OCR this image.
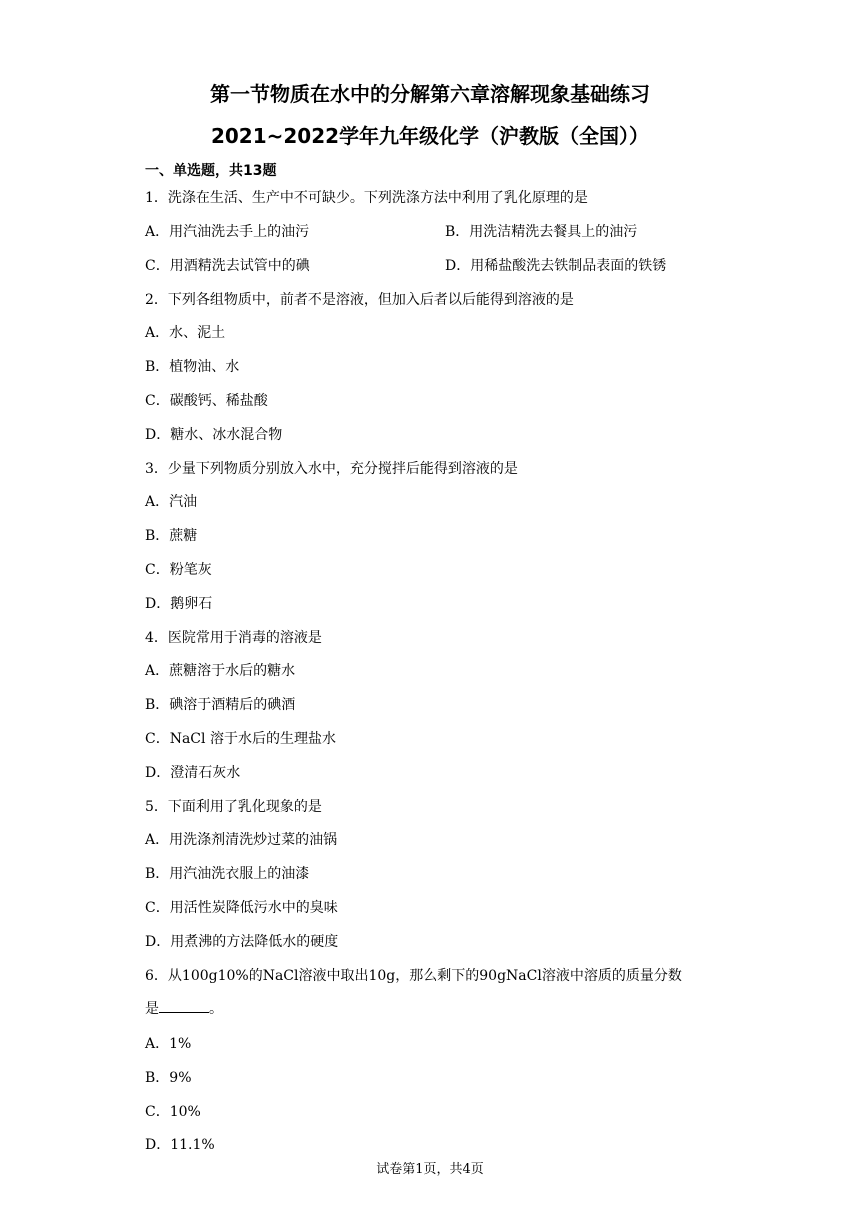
第一节物质在水中的分解第六章溶解现象基础练习
2021~2022学年九年级化学（沪教版（全国））
一、单选题，共13题
1．洗涤在生活、生产中不可缺少。下列洗涤方法中利用了乳化原理的是
A．用汽油洗去手上的油污	B．用洗洁精洗去餐具上的油污
C．用酒精洗去试管中的碘	D．用稀盐酸洗去铁制品表面的铁锈
2．下列各组物质中，前者不是溶液，但加入后者以后能得到溶液的是
A．水、泥土
B．植物油、水
C．碳酸钙、稀盐酸
D．糖水、冰水混合物
3．少量下列物质分别放入水中，充分搅拌后能得到溶液的是
A．汽油
B．蔗糖
C．粉笔灰
D．鹅卵石
4．医院常用于消毒的溶液是
A．蔗糖溶于水后的糖水
B．碘溶于酒精后的碘酒
C．NaCl 溶于水后的生理盐水
D．澄清石灰水
5．下面利用了乳化现象的是
A．用洗涤剂清洗炒过菜的油锅
B．用汽油洗衣服上的油漆
C．用活性炭降低污水中的臭味
D．用煮沸的方法降低水的硬度
6．从100g10%的NaCl溶液中取出10g，那么剩下的90gNaCl溶液中溶质的质量分数
是	。
A．1%
B．9%
C．10%
D．11.1%
试卷第1页，共4页
